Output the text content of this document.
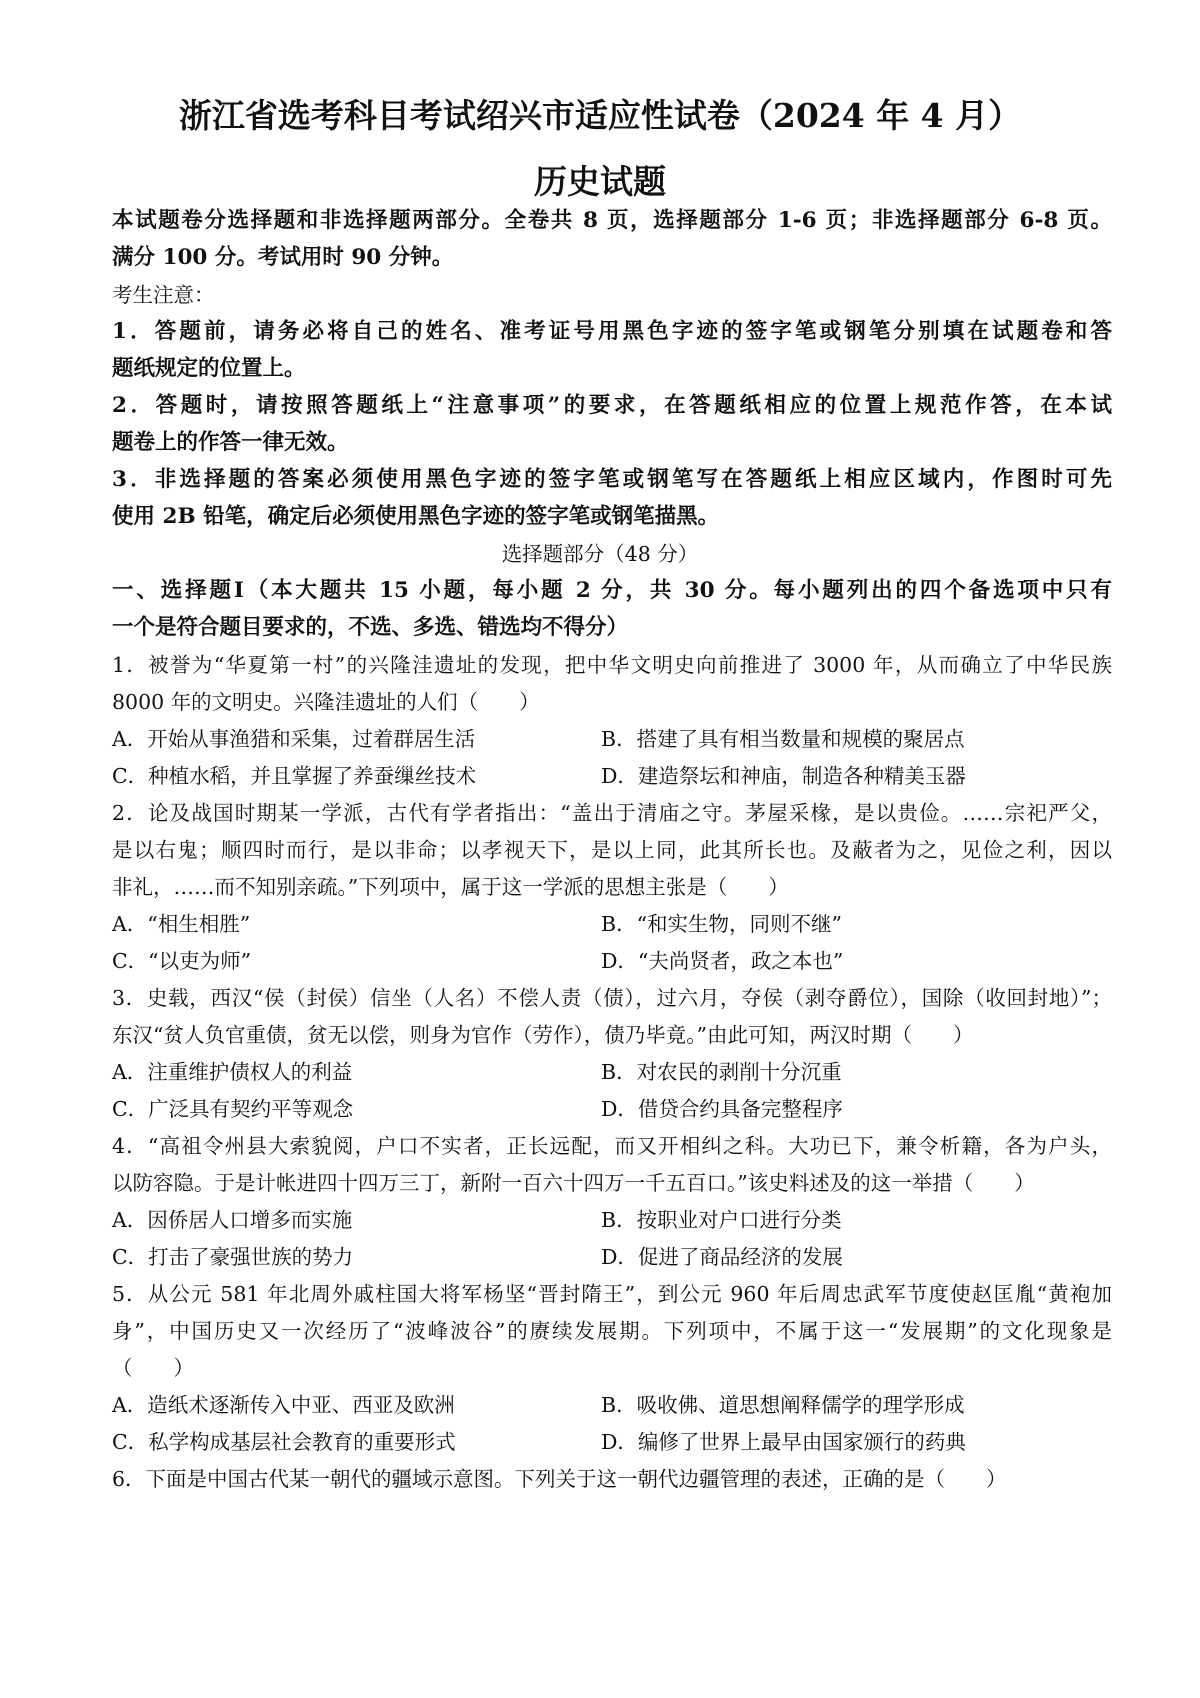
浙江省选考科目考试绍兴市适应性试卷（2024 年 4 月）
历史试题
本试题卷分选择题和非选择题两部分。全卷共 8 页，选择题部分 1-6 页；非选择题部分 6-8 页。
满分 100 分。考试用时 90 分钟。
考生注意：
1．答题前，请务必将自己的姓名、准考证号用黑色字迹的签字笔或钢笔分别填在试题卷和答
题纸规定的位置上。
2．答题时，请按照答题纸上“注意事项”的要求，在答题纸相应的位置上规范作答，在本试
题卷上的作答一律无效。
3．非选择题的答案必须使用黑色字迹的签字笔或钢笔写在答题纸上相应区域内，作图时可先
使用 2B 铅笔，确定后必须使用黑色字迹的签字笔或钢笔描黑。
选择题部分（48 分）
一、选择题Ⅰ（本大题共 15 小题，每小题 2 分，共 30 分。每小题列出的四个备选项中只有
一个是符合题目要求的，不选、多选、错选均不得分）
1．被誉为“华夏第一村”的兴隆洼遗址的发现，把中华文明史向前推进了 3000 年，从而确立了中华民族
8000 年的文明史。兴隆洼遗址的人们（　　）
A．开始从事渔猎和采集，过着群居生活	B．搭建了具有相当数量和规模的聚居点
C．种植水稻，并且掌握了养蚕缫丝技术	D．建造祭坛和神庙，制造各种精美玉器
2．论及战国时期某一学派，古代有学者指出：“盖出于清庙之守。茅屋采椽，是以贵俭。……宗祀严父，
是以右鬼；顺四时而行，是以非命；以孝视天下，是以上同，此其所长也。及蔽者为之，见俭之利，因以
非礼，……而不知别亲疏。”下列项中，属于这一学派的思想主张是（　　）
A．“相生相胜”	B．“和实生物，同则不继”
C．“以吏为师”	D．“夫尚贤者，政之本也”
3．史载，西汉“侯（封侯）信坐（人名）不偿人责（债），过六月，夺侯（剥夺爵位），国除（收回封地）”；
东汉“贫人负官重债，贫无以偿，则身为官作（劳作），债乃毕竟。”由此可知，两汉时期（　　）
A．注重维护债权人的利益	B．对农民的剥削十分沉重
C．广泛具有契约平等观念	D．借贷合约具备完整程序
4．“高祖令州县大索貌阅，户口不实者，正长远配，而又开相纠之科。大功已下，兼令析籍，各为户头，
以防容隐。于是计帐进四十四万三丁，新附一百六十四万一千五百口。”该史料述及的这一举措（　　）
A．因侨居人口增多而实施	B．按职业对户口进行分类
C．打击了豪强世族的势力	D．促进了商品经济的发展
5．从公元 581 年北周外戚柱国大将军杨坚“晋封隋王”，到公元 960 年后周忠武军节度使赵匡胤“黄袍加
身”，中国历史又一次经历了“波峰波谷”的赓续发展期。下列项中，不属于这一“发展期”的文化现象是
（　　）
A．造纸术逐渐传入中亚、西亚及欧洲	B．吸收佛、道思想阐释儒学的理学形成
C．私学构成基层社会教育的重要形式	D．编修了世界上最早由国家颁行的药典
6．下面是中国古代某一朝代的疆域示意图。下列关于这一朝代边疆管理的表述，正确的是（　　）
